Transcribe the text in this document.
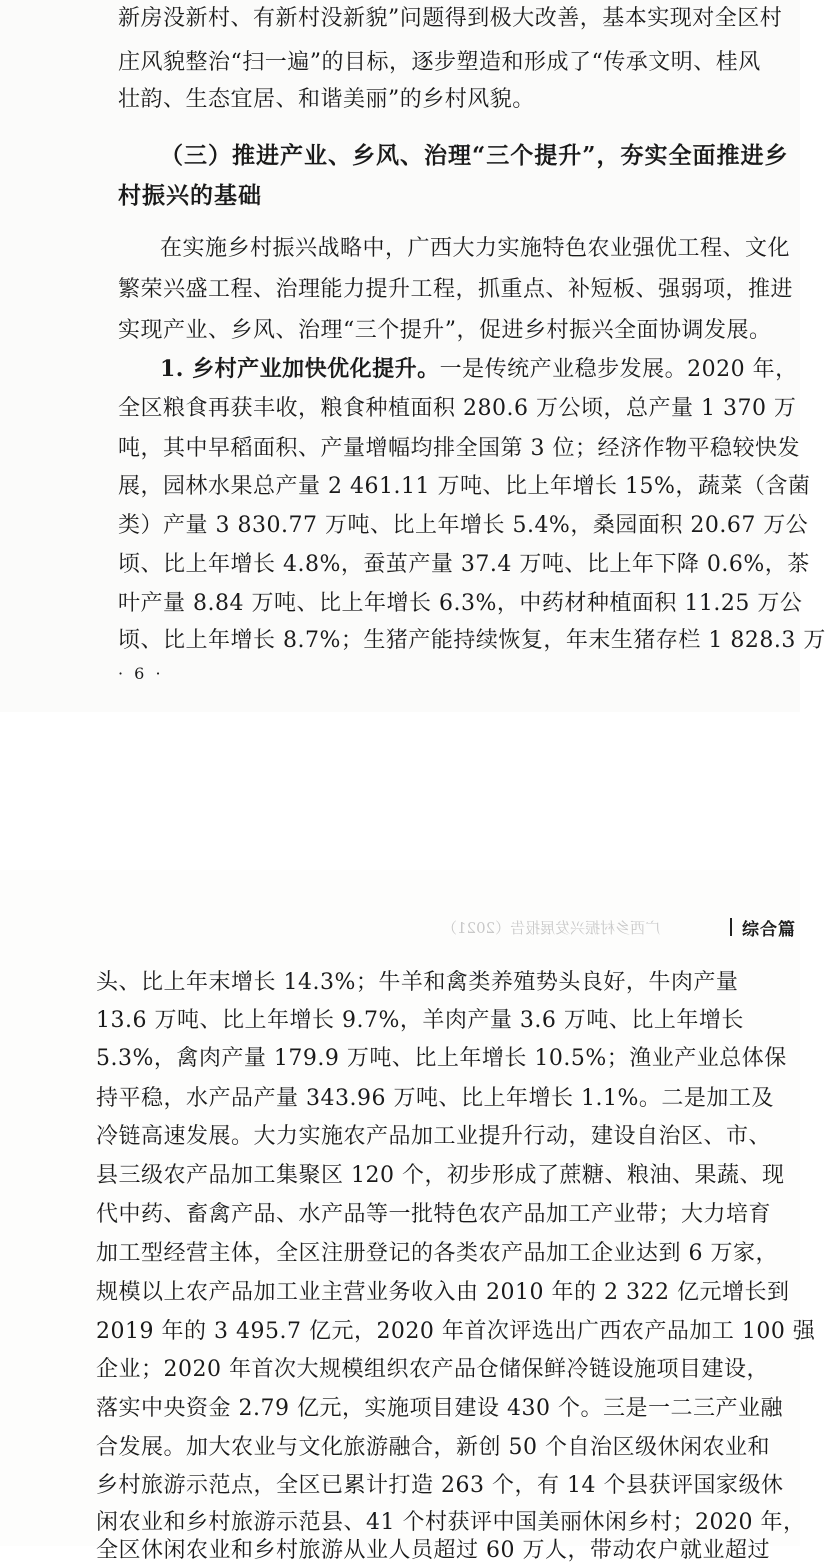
新房没新村、有新村没新貌”问题得到极大改善，基本实现对全区村
庄风貌整治“扫一遍”的目标，逐步塑造和形成了“传承文明、桂风
壮韵、生态宜居、和谐美丽”的乡村风貌。
（三）推进产业、乡风、治理“三个提升”，夯实全面推进乡
村振兴的基础
在实施乡村振兴战略中，广西大力实施特色农业强优工程、文化
繁荣兴盛工程、治理能力提升工程，抓重点、补短板、强弱项，推进
实现产业、乡风、治理“三个提升”，促进乡村振兴全面协调发展。
1. 乡村产业加快优化提升。一是传统产业稳步发展。2020 年，
全区粮食再获丰收，粮食种植面积 280.6 万公顷，总产量 1 370 万
吨，其中早稻面积、产量增幅均排全国第 3 位；经济作物平稳较快发
展，园林水果总产量 2 461.11 万吨、比上年增长 15%，蔬菜（含菌
类）产量 3 830.77 万吨、比上年增长 5.4%，桑园面积 20.67 万公
顷、比上年增长 4.8%，蚕茧产量 37.4 万吨、比上年下降 0.6%，茶
叶产量 8.84 万吨、比上年增长 6.3%，中药材种植面积 11.25 万公
顷、比上年增长 8.7%；生猪产能持续恢复，年末生猪存栏 1 828.3 万
· 6 ·
广西乡村振兴发展报告（2021）	综合篇
头、比上年末增长 14.3%；牛羊和禽类养殖势头良好，牛肉产量
13.6 万吨、比上年增长 9.7%，羊肉产量 3.6 万吨、比上年增长
5.3%，禽肉产量 179.9 万吨、比上年增长 10.5%；渔业产业总体保
持平稳，水产品产量 343.96 万吨、比上年增长 1.1%。二是加工及
冷链高速发展。大力实施农产品加工业提升行动，建设自治区、市、
县三级农产品加工集聚区 120 个，初步形成了蔗糖、粮油、果蔬、现
代中药、畜禽产品、水产品等一批特色农产品加工产业带；大力培育
加工型经营主体，全区注册登记的各类农产品加工企业达到 6 万家，
规模以上农产品加工业主营业务收入由 2010 年的 2 322 亿元增长到
2019 年的 3 495.7 亿元，2020 年首次评选出广西农产品加工 100 强
企业；2020 年首次大规模组织农产品仓储保鲜冷链设施项目建设，
落实中央资金 2.79 亿元，实施项目建设 430 个。三是一二三产业融
合发展。加大农业与文化旅游融合，新创 50 个自治区级休闲农业和
乡村旅游示范点，全区已累计打造 263 个，有 14 个县获评国家级休
闲农业和乡村旅游示范县、41 个村获评中国美丽休闲乡村；2020 年，
全区休闲农业和乡村旅游从业人员超过 60 万人，带动农户就业超过
